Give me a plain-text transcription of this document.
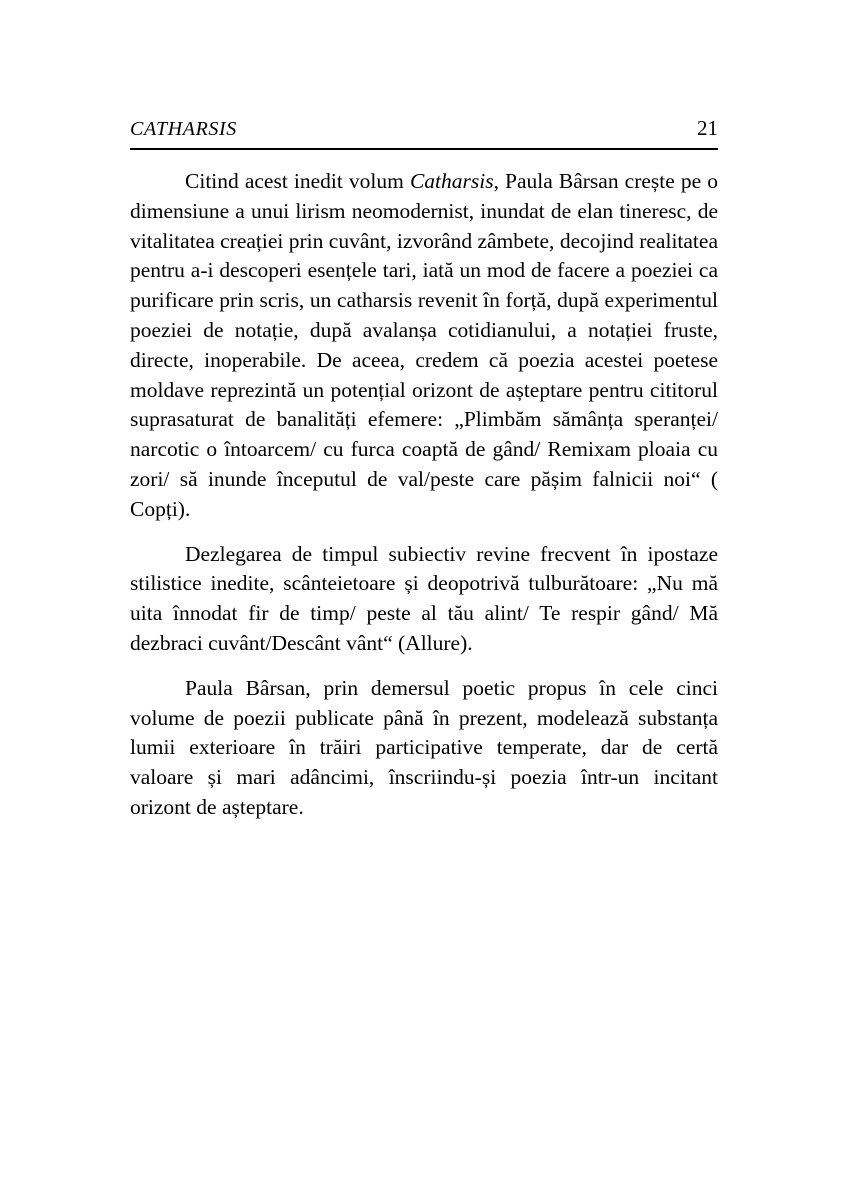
CATHARSIS	21

Citind acest inedit volum Catharsis, Paula Bârsan crește pe o dimensiune a unui lirism neomodernist, inundat de elan tineresc, de vitalitatea creației prin cuvânt, izvorând zâmbete, decojind realitatea pentru a-i descoperi esențele tari, iată un mod de facere a poeziei ca purificare prin scris, un catharsis revenit în forță, după experimentul poeziei de notație, după avalanșa cotidianului, a notației fruste, directe, inoperabile. De aceea, credem că poezia acestei poetese moldave reprezintă un potențial orizont de așteptare pentru cititorul suprasaturat de banalități efemere: „Plimbăm sămânța speranței/ narcotic o întoarcem/ cu furca coaptă de gând/ Remixam ploaia cu zori/ să inunde începutul de val/peste care pășim falnicii noi“ ( Copți).

Dezlegarea de timpul subiectiv revine frecvent în ipostaze stilistice inedite, scânteietoare și deopotrivă tulburătoare: „Nu mă uita înnodat fir de timp/ peste al tău alint/ Te respir gând/ Mă dezbraci cuvânt/Descânt vânt“ (Allure).

Paula Bârsan, prin demersul poetic propus în cele cinci volume de poezii publicate până în prezent, modelează substanța lumii exterioare în trăiri participative temperate, dar de certă valoare și mari adâncimi, înscriindu-și poezia într-un incitant orizont de așteptare.
